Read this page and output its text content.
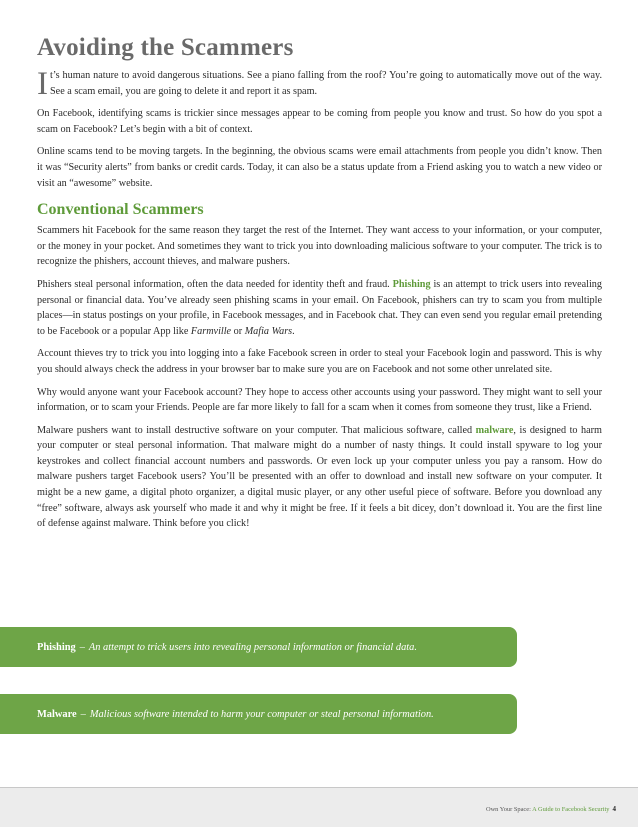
Avoiding the Scammers

It’s human nature to avoid dangerous situations. See a piano falling from the roof? You’re going to automatically move out of the way. See a scam email, you are going to delete it and report it as spam.

On Facebook, identifying scams is trickier since messages appear to be coming from people you know and trust. So how do you spot a scam on Facebook? Let’s begin with a bit of context.

Online scams tend to be moving targets. In the beginning, the obvious scams were email attachments from people you didn’t know. Then it was “Security alerts” from banks or credit cards. Today, it can also be a status update from a Friend asking you to watch a new video or visit an “awesome” website.

Conventional Scammers

Scammers hit Facebook for the same reason they target the rest of the Internet. They want access to your information, or your computer, or the money in your pocket. And sometimes they want to trick you into downloading malicious software to your computer. The trick is to recognize the phishers, account thieves, and malware pushers.

Phishers steal personal information, often the data needed for identity theft and fraud. Phishing is an attempt to trick users into revealing personal or financial data. You’ve already seen phishing scams in your email. On Facebook, phishers can try to scam you from multiple places—in status postings on your profile, in Facebook messages, and in Facebook chat. They can even send you regular email pretending to be Facebook or a popular App like Farmville or Mafia Wars.

Account thieves try to trick you into logging into a fake Facebook screen in order to steal your Facebook login and password. This is why you should always check the address in your browser bar to make sure you are on Facebook and not some other unrelated site.

Why would anyone want your Facebook account? They hope to access other accounts using your password. They might want to sell your information, or to scam your Friends. People are far more likely to fall for a scam when it comes from someone they trust, like a Friend.

Malware pushers want to install destructive software on your computer. That malicious software, called malware, is designed to harm your computer or steal personal information. That malware might do a number of nasty things. It could install spyware to log your keystrokes and collect financial account numbers and passwords. Or even lock up your computer unless you pay a ransom. How do malware pushers target Facebook users? You’ll be presented with an offer to download and install new software on your computer. It might be a new game, a digital photo organizer, a digital music player, or any other useful piece of software. Before you download any “free” software, always ask yourself who made it and why it might be free. If it feels a bit dicey, don’t download it. You are the first line of defense against malware. Think before you click!

Phishing – An attempt to trick users into revealing personal information or financial data.
Malware – Malicious software intended to harm your computer or steal personal information.
Own Your Space: A Guide to Facebook Security 4
